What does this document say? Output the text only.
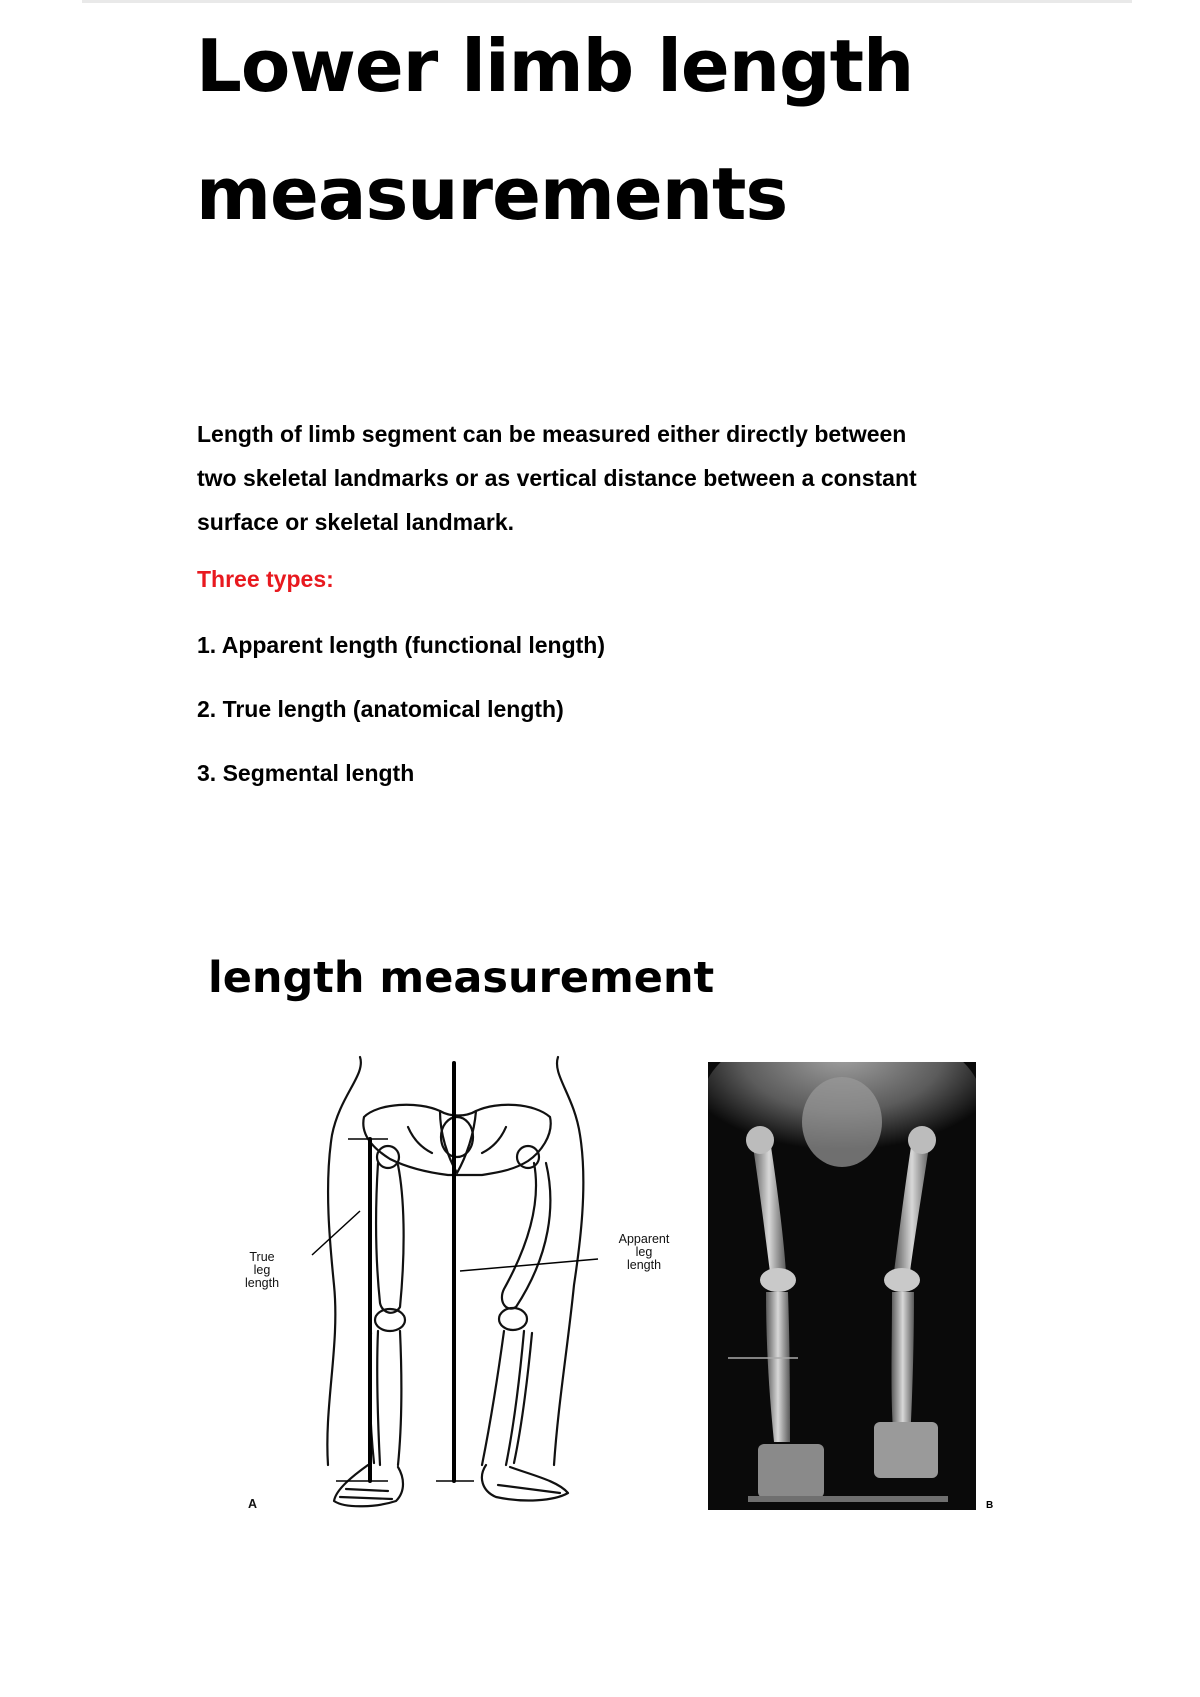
Lower limb length
measurements

Length of limb segment can be measured either directly between
two skeletal landmarks or as vertical distance between a constant
surface or skeletal landmark.

Three types:

1. Apparent length (functional length)
2. True length (anatomical length)
3. Segmental length
length measurement
True
leg
length
Apparent
leg
length
A	B
